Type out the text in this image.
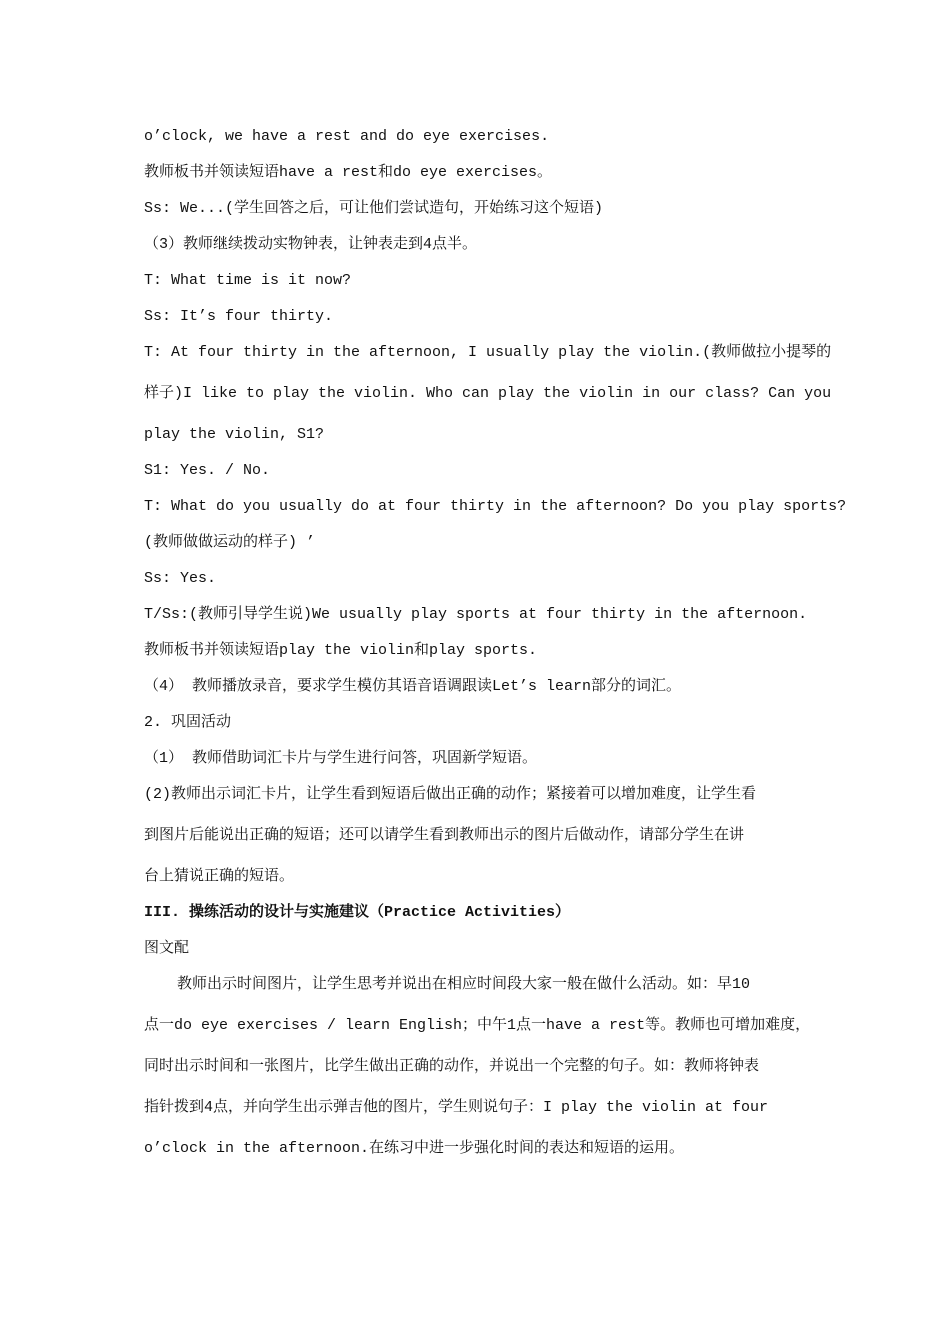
o’clock, we have a rest and do eye exercises.
教师板书并领读短语have a rest和do eye exercises。
Ss: We...(学生回答之后，可让他们尝试造句，开始练习这个短语)
（3）教师继续拨动实物钟表，让钟表走到4点半。
T: What time is it now?
Ss: It’s four thirty.
T: At four thirty in the afternoon, I usually play the violin.(教师做拉小提琴的
样子)I like to play the violin. Who can play the violin in our class? Can you
play the violin, S1?
S1: Yes. / No.
T: What do you usually do at four thirty in the afternoon? Do you play sports?
(教师做做运动的样子) ’
Ss: Yes.
T/Ss:(教师引导学生说)We usually play sports at four thirty in the afternoon.
教师板书并领读短语play the violin和play sports.
（4） 教师播放录音，要求学生模仿其语音语调跟读Let’s learn部分的词汇。
2. 巩固活动
（1） 教师借助词汇卡片与学生进行问答，巩固新学短语。
(2)教师出示词汇卡片，让学生看到短语后做出正确的动作；紧接着可以增加难度，让学生看
到图片后能说出正确的短语；还可以请学生看到教师出示的图片后做动作，请部分学生在讲
台上猜说正确的短语。
III. 操练活动的设计与实施建议（Practice Activities）
图文配
教师出示时间图片，让学生思考并说出在相应时间段大家一般在做什么活动。如：早10
点一do eye exercises / learn English；中午1点一have a rest等。教师也可增加难度，
同时出示时间和一张图片，比学生做出正确的动作，并说出一个完整的句子。如：教师将钟表
指针拨到4点，并向学生出示弹吉他的图片，学生则说句子：I play the violin at four
o’clock in the afternoon.在练习中进一步强化时间的表达和短语的运用。
